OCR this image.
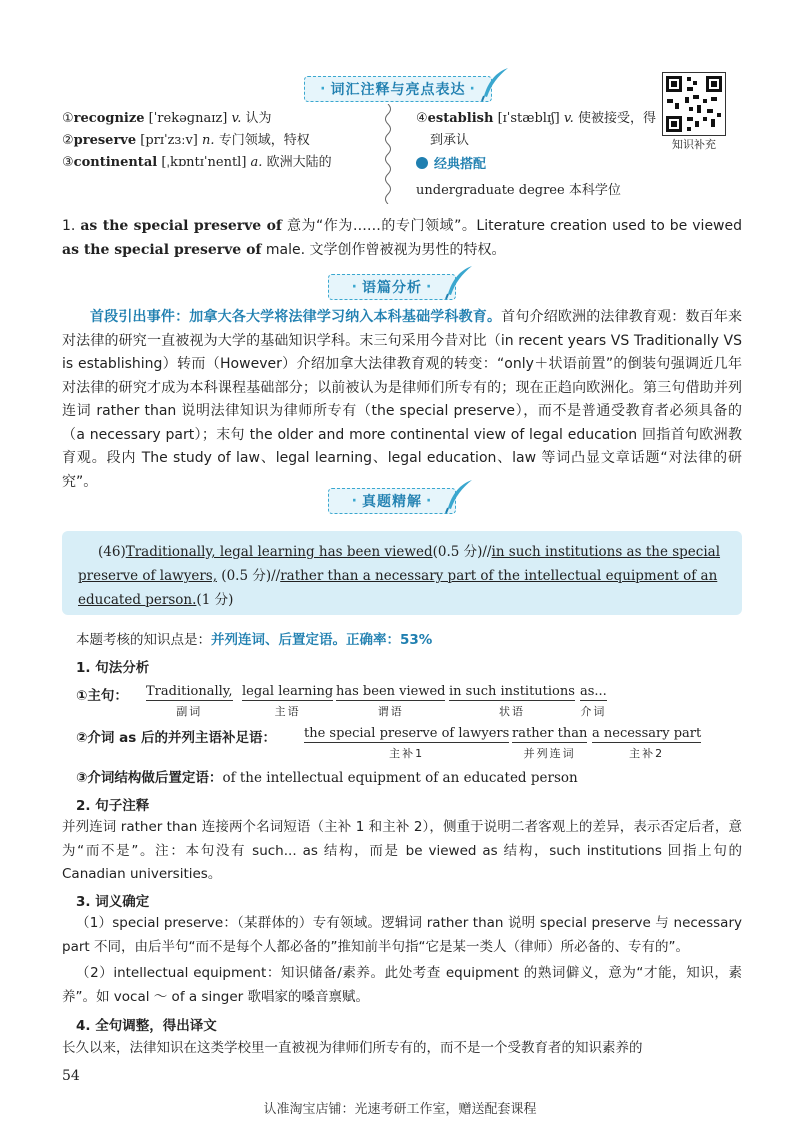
· 词汇注释与亮点表达 ·
知识补充
①recognize [ˈrekəɡnaɪz] v. 认为
②preserve [prɪˈzɜːv] n. 专门领域，特权
③continental [ˌkɒntɪˈnentl] a. 欧洲大陆的
④establish [ɪˈstæblɪʃ] v. 使被接受，得
到承认
经典搭配
undergraduate degree 本科学位
1. as the special preserve of 意为“作为……的专门领域”。Literature creation used to be viewed as the special preserve of male. 文学创作曾被视为男性的特权。
· 语篇分析 ·
首段引出事件：加拿大各大学将法律学习纳入本科基础学科教育。首句介绍欧洲的法律教育观：数百年来对法律的研究一直被视为大学的基础知识学科。末三句采用今昔对比（in recent years VS Traditionally VS is establishing）转而（However）介绍加拿大法律教育观的转变：“only＋状语前置”的倒装句强调近几年对法律的研究才成为本科课程基础部分；以前被认为是律师们所专有的；现在正趋向欧洲化。第三句借助并列连词 rather than 说明法律知识为律师所专有（the special preserve），而不是普通受教育者必须具备的（a necessary part）；末句 the older and more continental view of legal education 回指首句欧洲教育观。段内 The study of law、legal learning、legal education、law 等词凸显文章话题“对法律的研究”。
· 真题精解 ·
(46)Traditionally, legal learning has been viewed(0.5 分)//in such institutions as the special
preserve of lawyers, (0.5 分)//rather than a necessary part of the intellectual equipment of an
educated person.(1 分)
本题考核的知识点是：并列连词、后置定语。正确率：53%
1. 句法分析
①主句： Traditionally,
副词
legal learning
主语
has been viewed
谓语
in such institutions
状语
as...
介词
②介词 as 后的并列主语补足语： the special preserve of lawyers
主补1
rather than
并列连词
a necessary part
主补2
③介词结构做后置定语：of the intellectual equipment of an educated person
2. 句子注释
并列连词 rather than 连接两个名词短语（主补 1 和主补 2），侧重于说明二者客观上的差异，表示否定后者，意为“而不是”。注：本句没有 such... as 结构，而是 be viewed as 结构，such institutions 回指上句的 Canadian universities。
3. 词义确定
（1）special preserve：（某群体的）专有领域。逻辑词 rather than 说明 special preserve 与 necessary part 不同，由后半句“而不是每个人都必备的”推知前半句指“它是某一类人（律师）所必备的、专有的”。
（2）intellectual equipment：知识储备/素养。此处考查 equipment 的熟词僻义，意为“才能，知识，素养”。如 vocal ～ of a singer 歌唱家的嗓音禀赋。
4. 全句调整，得出译文
长久以来，法律知识在这类学校里一直被视为律师们所专有的，而不是一个受教育者的知识素养的
54
认准淘宝店铺：光速考研工作室，赠送配套课程
